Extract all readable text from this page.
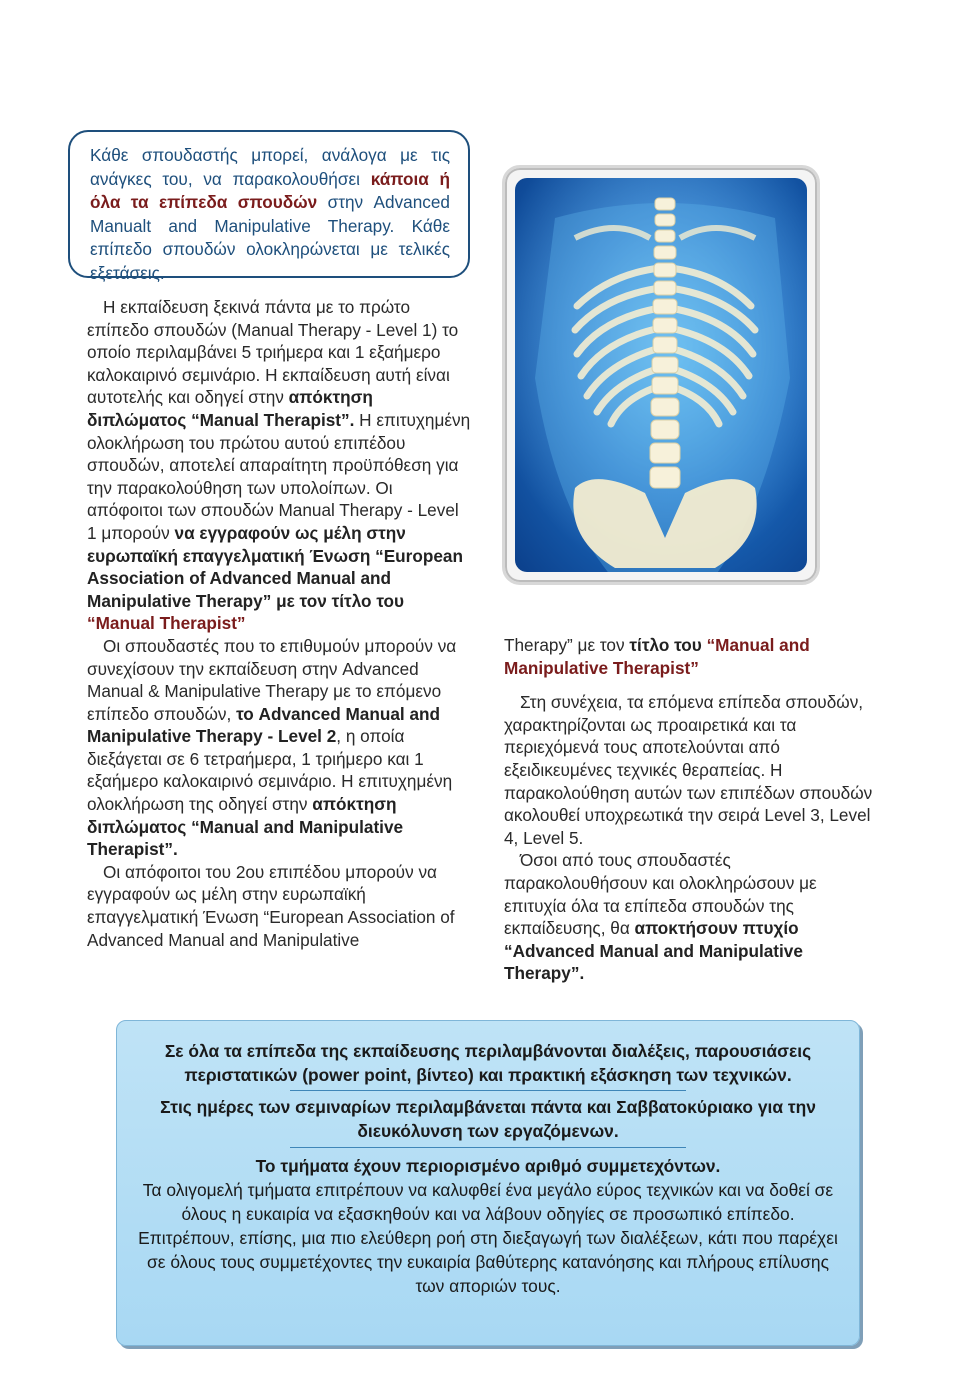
Κάθε σπουδαστής μπορεί, ανάλογα με τις ανάγκες του, να παρακολουθήσει κάποια ή όλα τα επίπεδα σπουδών στην Advanced Manualt and Manipulative Therapy. Κάθε επίπεδο σπουδών ολοκληρώνεται με τελικές εξετάσεις.

Η εκπαίδευση ξεκινά πάντα με το πρώτο επίπεδο σπουδών (Manual Therapy - Level 1) το οποίο περιλαμβάνει 5 τριήμερα και 1 εξαήμερο καλοκαιρινό σεμινάριο. Η εκπαίδευση αυτή είναι αυτοτελής και οδηγεί στην απόκτηση διπλώματος “Manual Therapist”. Η επιτυχημένη ολοκλήρωση του πρώτου αυτού επιπέδου σπουδών, αποτελεί απαραίτητη προϋπόθεση για την παρακολούθηση των υπολοίπων. Οι απόφοιτοι των σπουδών Manual Therapy - Level 1 μπορούν να εγγραφούν ως μέλη στην ευρωπαϊκή επαγγελματική Ένωση “European Association of Advanced Manual and Manipulative Therapy” με τον τίτλο του “Manual Therapist”

Οι σπουδαστές που το επιθυμούν μπορούν να συνεχίσουν την εκπαίδευση στην Advanced Manual & Manipulative Therapy με το επόμενο επίπεδο σπουδών, το Advanced Manual and Manipulative Therapy - Level 2, η οποία διεξάγεται σε 6 τετραήμερα, 1 τριήμερο και 1 εξαήμερο καλοκαιρινό σεμινάριο. Η επιτυχημένη ολοκλήρωση της οδηγεί στην απόκτηση διπλώματος “Manual and Manipulative Therapist”.

Οι απόφοιτοι του 2ου επιπέδου μπορούν να εγγραφούν ως μέλη στην ευρωπαϊκή επαγγελματική Ένωση “European Association of Advanced Manual and Manipulative

Therapy” με τον τίτλο του “Manual and Manipulative Therapist”

Στη συνέχεια, τα επόμενα επίπεδα σπουδών, χαρακτηρίζονται ως προαιρετικά και τα περιεχόμενά τους αποτελούνται από εξειδικευμένες τεχνικές θεραπείας. Η παρακολούθηση αυτών των επιπέδων σπουδών ακολουθεί υποχρεωτικά την σειρά Level 3, Level 4, Level 5.

Όσοι από τους σπουδαστές παρακολουθήσουν και ολοκληρώσουν με επιτυχία όλα τα επίπεδα σπουδών της εκπαίδευσης, θα αποκτήσουν πτυχίο “Advanced Manual and Manipulative Therapy”.

Σε όλα τα επίπεδα της εκπαίδευσης περιλαμβάνονται διαλέξεις, παρουσιάσεις περιστατικών (power point, βίντεο) και πρακτική εξάσκηση των τεχνικών.
Στις ημέρες των σεμιναρίων περιλαμβάνεται πάντα και Σαββατοκύριακο για την διευκόλυνση των εργαζόμενων.
Το τμήματα έχουν περιορισμένο αριθμό συμμετεχόντων.
Τα ολιγομελή τμήματα επιτρέπουν να καλυφθεί ένα μεγάλο εύρος τεχνικών και να δοθεί σε όλους η ευκαιρία να εξασκηθούν και να λάβουν οδηγίες σε προσωπικό επίπεδο. Επιτρέπουν, επίσης, μια πιο ελεύθερη ροή στη διεξαγωγή των διαλέξεων, κάτι που παρέχει σε όλους τους συμμετέχοντες την ευκαιρία βαθύτερης κατανόησης και πλήρους επίλυσης των αποριών τους.
